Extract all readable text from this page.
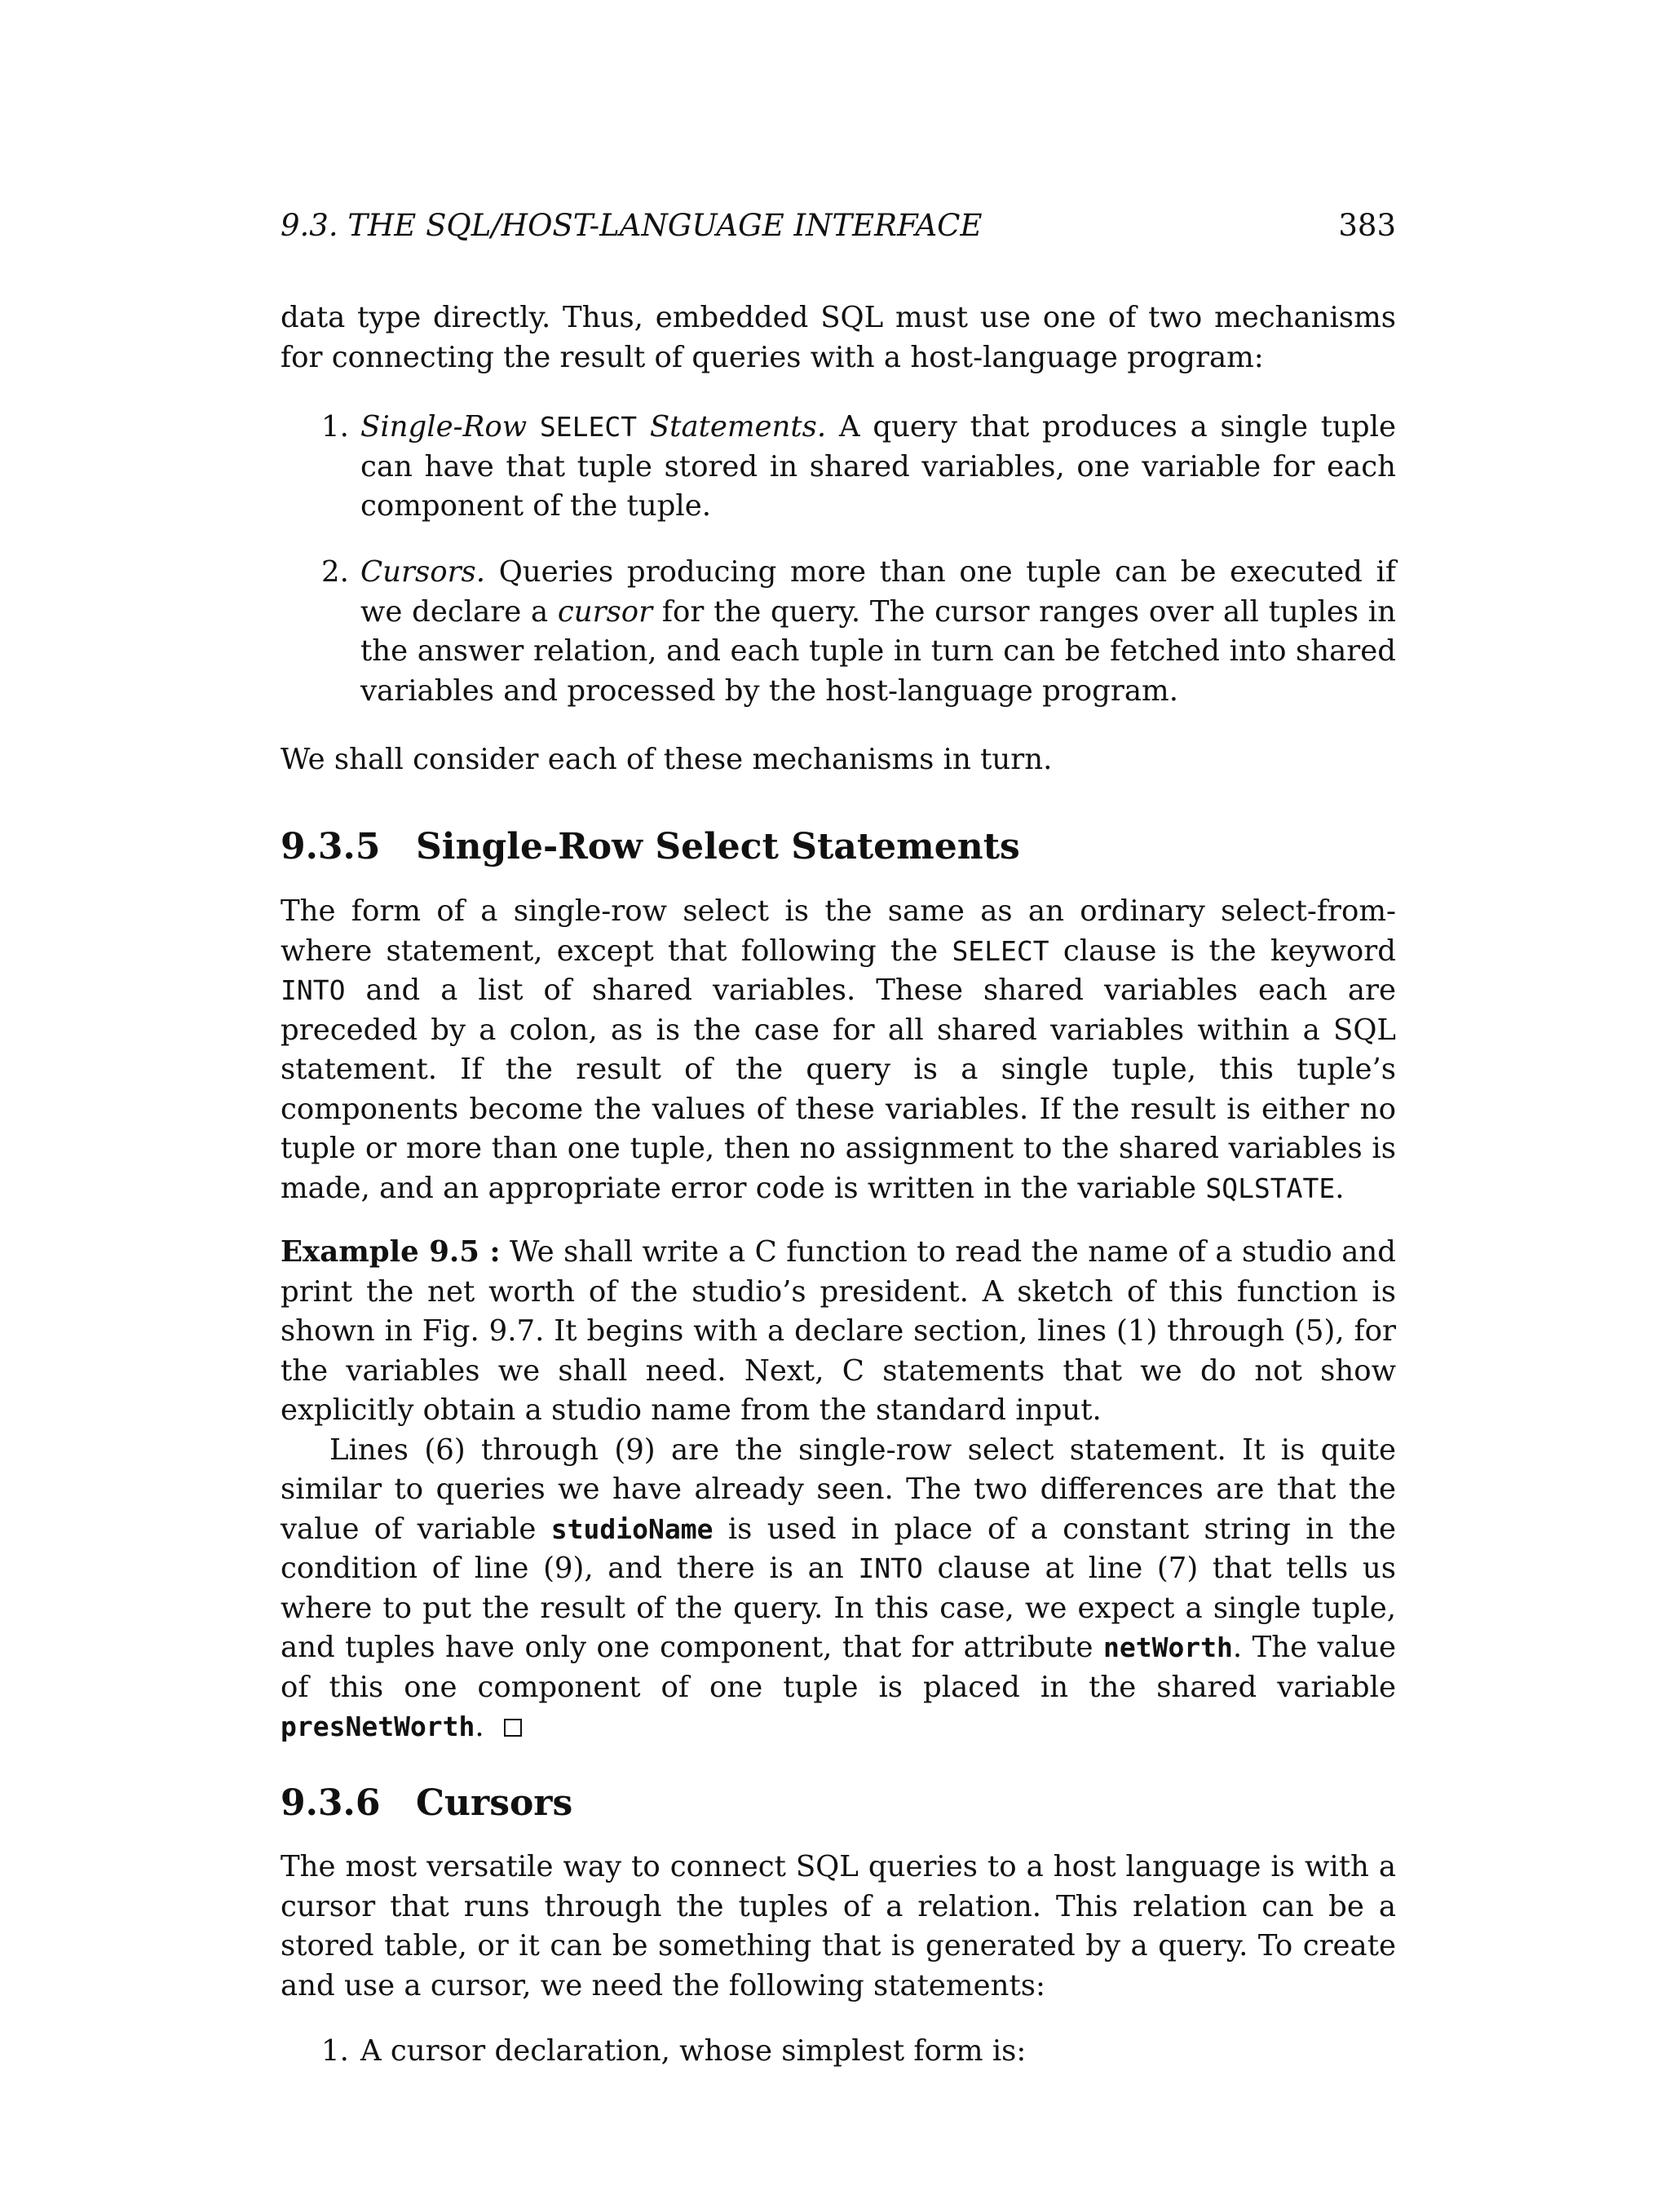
9.3. THE SQL/HOST-LANGUAGE INTERFACE	383
data type directly. Thus, embedded SQL must use one of two mechanisms for connecting the result of queries with a host-language program:
1. Single-Row SELECT Statements. A query that produces a single tuple can have that tuple stored in shared variables, one variable for each component of the tuple.
2. Cursors. Queries producing more than one tuple can be executed if we declare a cursor for the query. The cursor ranges over all tuples in the answer relation, and each tuple in turn can be fetched into shared variables and processed by the host-language program.
We shall consider each of these mechanisms in turn.
9.3.5 Single-Row Select Statements
The form of a single-row select is the same as an ordinary select-from-where statement, except that following the SELECT clause is the keyword INTO and a list of shared variables. These shared variables each are preceded by a colon, as is the case for all shared variables within a SQL statement. If the result of the query is a single tuple, this tuple’s components become the values of these variables. If the result is either no tuple or more than one tuple, then no assignment to the shared variables is made, and an appropriate error code is written in the variable SQLSTATE.
Example 9.5 : We shall write a C function to read the name of a studio and print the net worth of the studio’s president. A sketch of this function is shown in Fig. 9.7. It begins with a declare section, lines (1) through (5), for the variables we shall need. Next, C statements that we do not show explicitly obtain a studio name from the standard input.
Lines (6) through (9) are the single-row select statement. It is quite similar to queries we have already seen. The two differences are that the value of variable studioName is used in place of a constant string in the condition of line (9), and there is an INTO clause at line (7) that tells us where to put the result of the query. In this case, we expect a single tuple, and tuples have only one component, that for attribute netWorth. The value of this one component of one tuple is placed in the shared variable presNetWorth.
9.3.6 Cursors
The most versatile way to connect SQL queries to a host language is with a cursor that runs through the tuples of a relation. This relation can be a stored table, or it can be something that is generated by a query. To create and use a cursor, we need the following statements:
1. A cursor declaration, whose simplest form is:
